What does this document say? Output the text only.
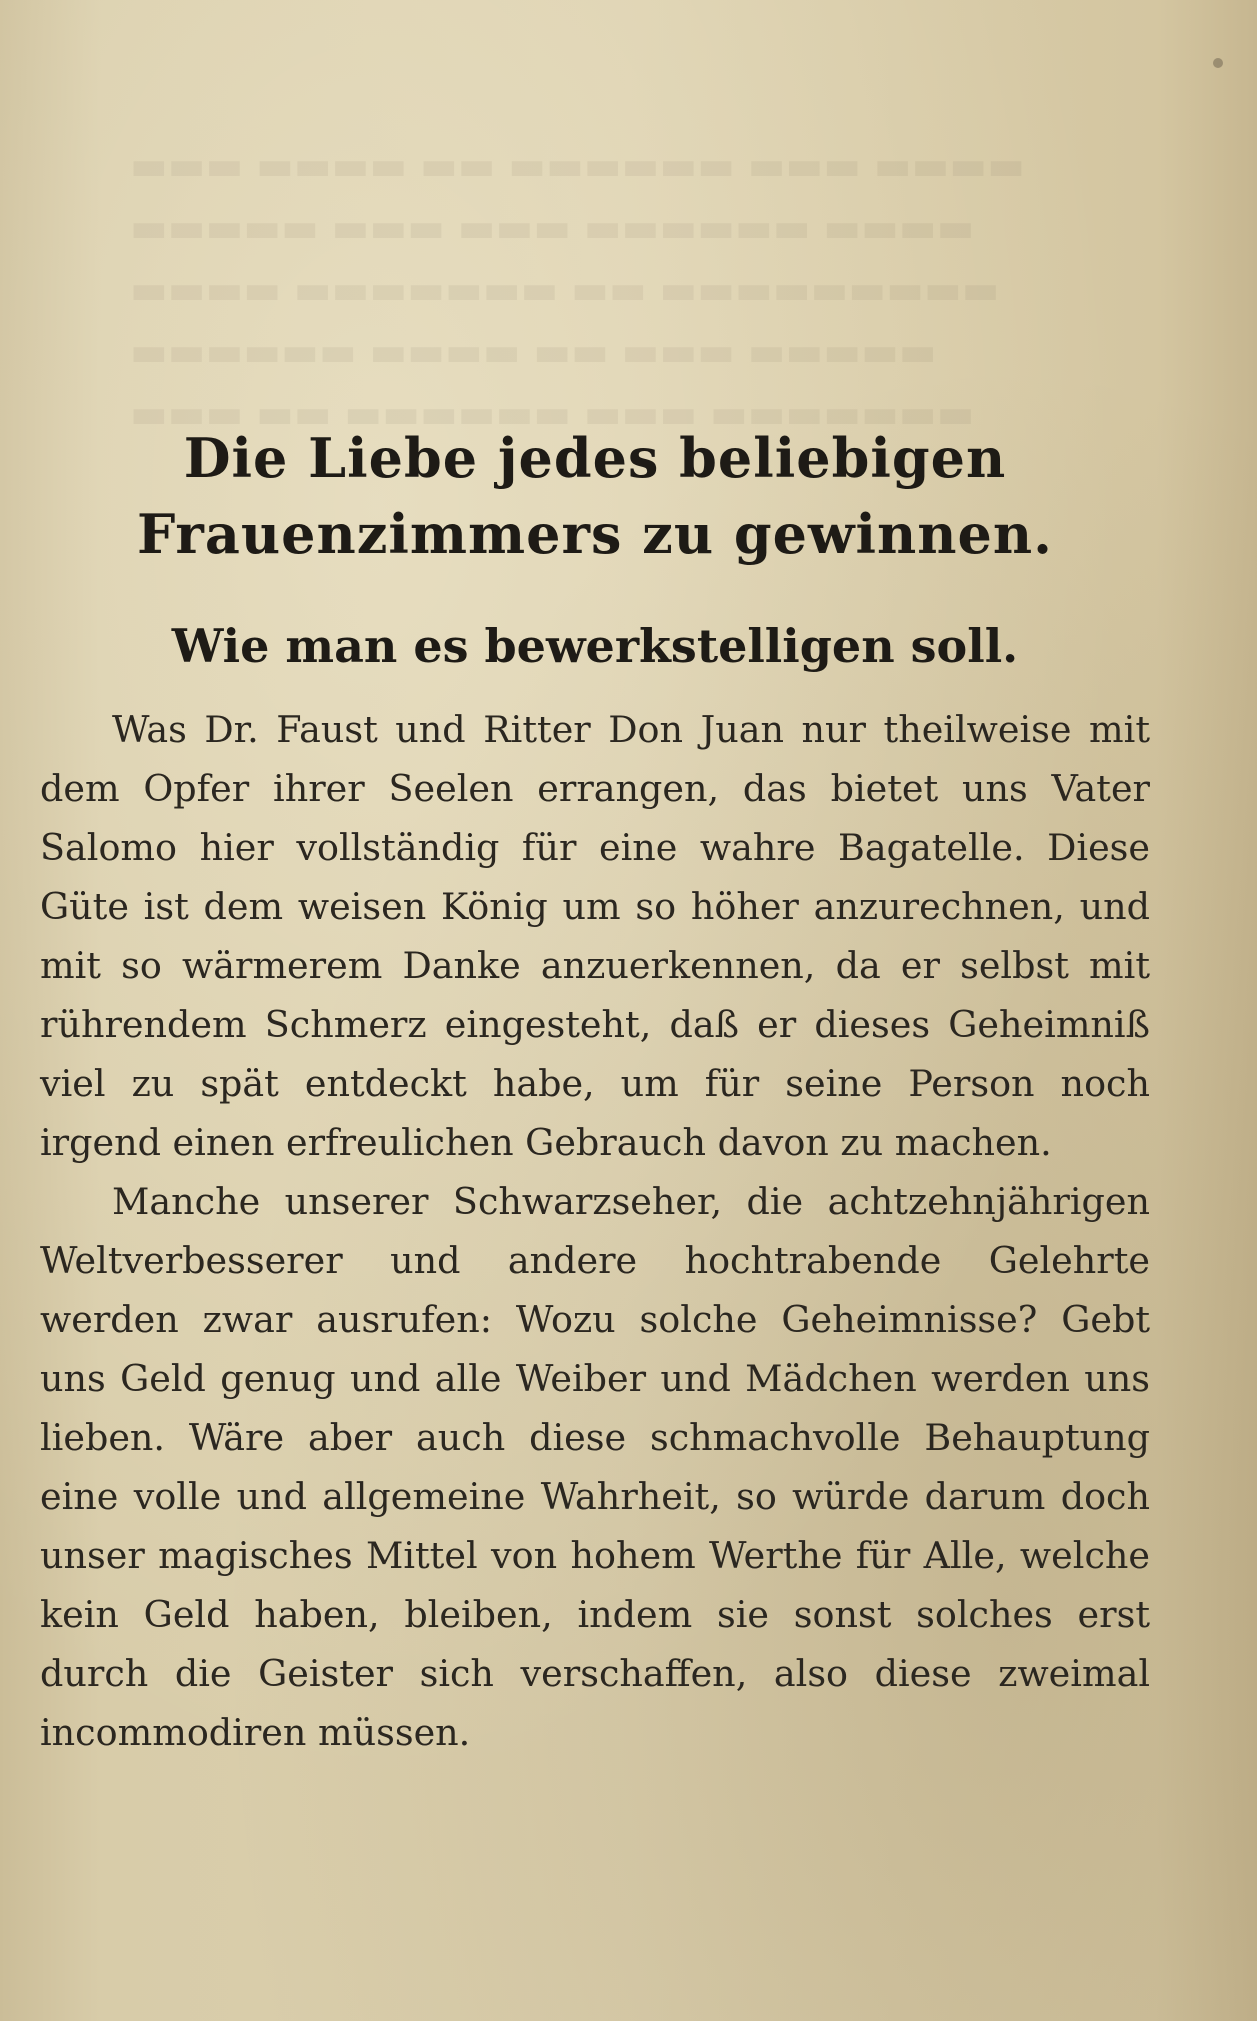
▬▬▬ ▬▬▬▬ ▬▬ ▬▬▬▬▬▬ ▬▬▬ ▬▬▬▬
▬▬▬▬▬ ▬▬▬ ▬▬▬ ▬▬▬▬▬▬ ▬▬▬▬
▬▬▬▬ ▬▬▬▬▬▬▬ ▬▬ ▬▬▬▬▬▬▬▬▬
▬▬▬▬▬▬ ▬▬▬▬ ▬▬ ▬▬▬ ▬▬▬▬▬
▬▬▬ ▬▬ ▬▬▬▬▬▬ ▬▬▬ ▬▬▬▬▬▬▬
Die Liebe jedes beliebigen Frauenzimmers zu gewinnen.
Wie man es bewerkstelligen soll.

Was Dr. Faust und Ritter Don Juan nur theilweise mit dem Opfer ihrer Seelen errangen, das bietet uns Vater Salomo hier vollständig für eine wahre Bagatelle. Diese Güte ist dem weisen König um so höher anzurechnen, und mit so wärmerem Danke anzuerkennen, da er selbst mit rührendem Schmerz eingesteht, daß er dieses Geheimniß viel zu spät entdeckt habe, um für seine Person noch irgend einen erfreulichen Gebrauch davon zu machen.

Manche unserer Schwarzseher, die achtzehnjährigen Weltverbesserer und andere hochtrabende Gelehrte werden zwar ausrufen: Wozu solche Geheimnisse? Gebt uns Geld genug und alle Weiber und Mädchen werden uns lieben. Wäre aber auch diese schmachvolle Behauptung eine volle und allgemeine Wahrheit, so würde darum doch unser magisches Mittel von hohem Werthe für Alle, welche kein Geld haben, bleiben, indem sie sonst solches erst durch die Geister sich verschaffen, also diese zweimal incommodiren müssen.
